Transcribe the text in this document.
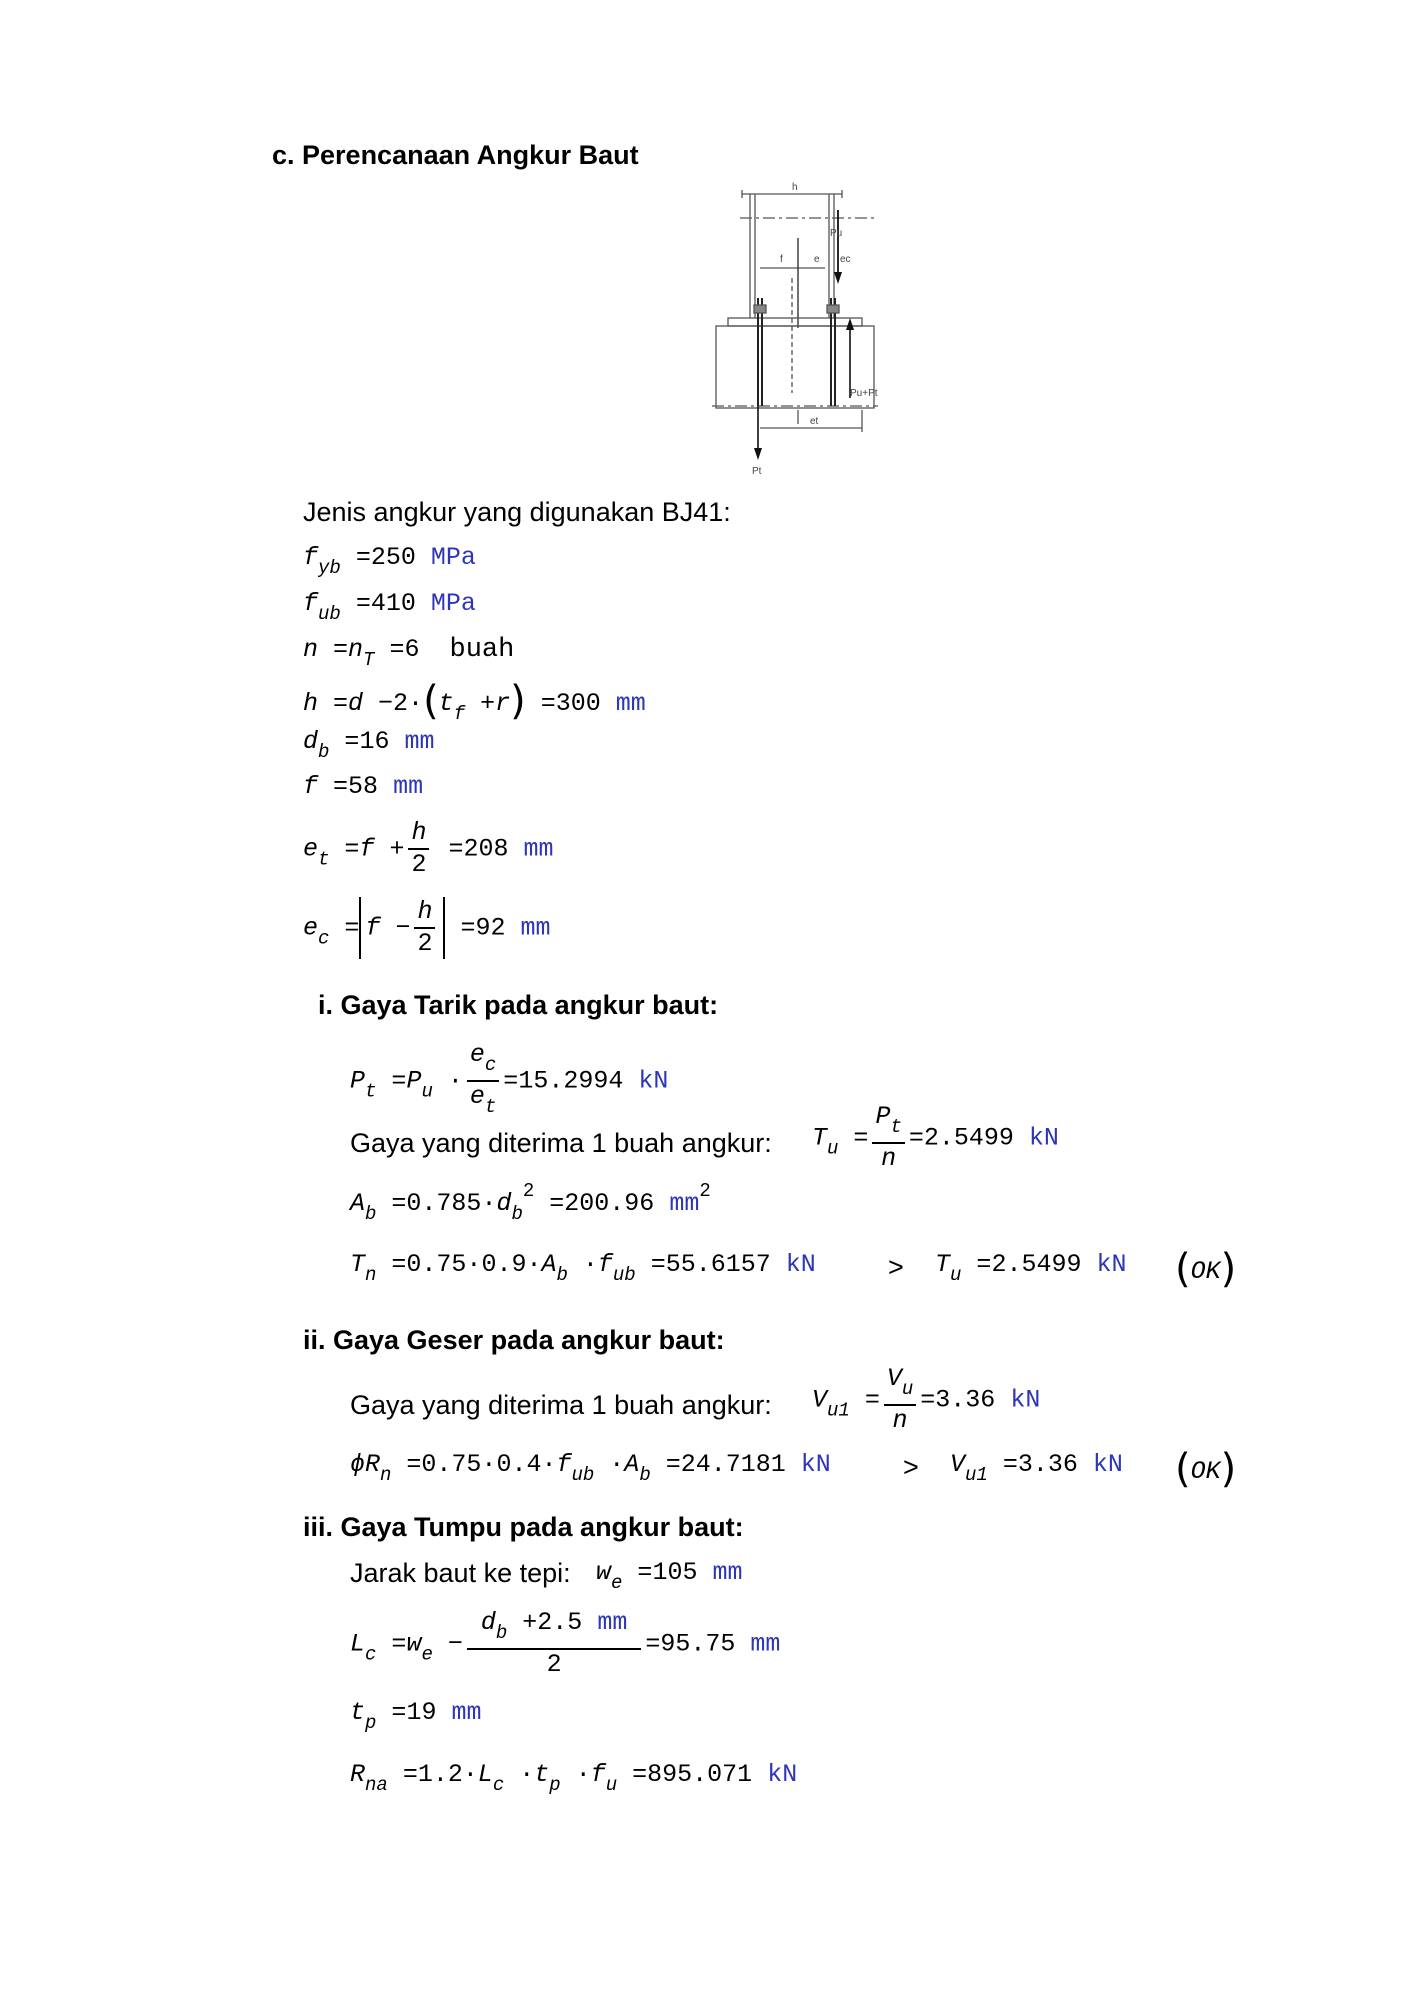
c. Perencanaan Angkur Baut
h
Pu
f	e ec
Pu+Pt
et
Pt
Jenis angkur yang digunakan BJ41:
$f_{yb} =250$ MPa
$f_{ub} =410$ MPa
$n =n_T =6$ buah
$h =d -2\cdot(t_f +r) =300$ mm
$d_b =16$ mm
f =58 mm
$e_t =f + \frac{h}{2} =208$ mm
$e_c = f - \frac{h}{2} =92$ mm
i. Gaya Tarik pada angkur baut:
$P_t =P_u \cdot \frac{e_c}{e_t} =15.2994$ kN
Gaya yang diterima 1 buah angkur: $T_u = \frac{P_t}{n} =2.5499$ kN
$A_b =0.785\cdot d_b^2 =200.96$ $mm^2$
$T_n =0.75\cdot 0.9\cdot A_b \cdot f_{ub} =55.6157$ kN	> $T_u =2.5499$ kN (OK)
ii. Gaya Geser pada angkur baut:
Gaya yang diterima 1 buah angkur: $V_{u1} = \frac{V_u}{n} =3.36$ kN
$\phi R_n =0.75\cdot 0.4\cdot f_{ub} \cdot A_b =24.7181$ kN	> $V_{u1} =3.36$ kN (OK)
iii. Gaya Tumpu pada angkur baut:
Jarak baut ke tepi: $w_e =105$ mm
$L_c =w_e - \frac{d_b +2.5 mm}{2} =95.75$ mm
$t_p =19$ mm
$R_{na} =1.2\cdot L_c \cdot t_p \cdot f_u =895.071$ kN
